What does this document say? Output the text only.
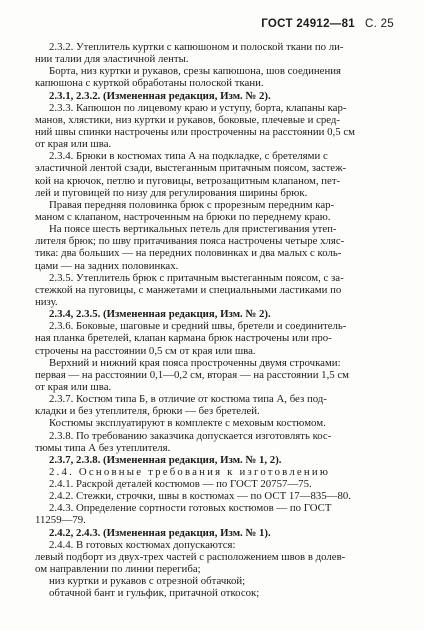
ГОСТ 24912—81 С. 25
2.3.2. Утеплитель куртки с капюшоном и полоской ткани по ли-
нии талии для эластичной ленты.
Борта, низ куртки и рукавов, срезы капюшона, шов соединения
капюшона с курткой обработаны полоской ткани.
2.3.1, 2.3.2. (Измененная редакция, Изм. № 2).
2.3.3. Капюшон по лицевому краю и уступу, борта, клапаны кар-
манов, хлястики, низ куртки и рукавов, боковые, плечевые и сред-
ний швы спинки настрочены или простроченны на расстоянии 0,5 см
от края или шва.
2.3.4. Брюки в костюмах типа А на подкладке, с бретелями с
эластичной лентой сзади, выстеганным притачным поясом, застеж-
кой на крючок, петлю и пуговицы, ветрозащитным клапаном, пет-
лей и пуговицей по низу для регулирования ширины брюк.
Правая передняя половинка брюк с прорезным передним кар-
маном с клапаном, настроченным на брюки по переднему краю.
На поясе шесть вертикальных петель для пристегивания утеп-
лителя брюк; по шву притачивания пояса настрочены четыре хляс-
тика: два больших — на передних половинках и два малых с коль-
цами — на задних половинках.
2.3.5. Утеплитель брюк с притачным выстеганным поясом, с за-
стежкой на пуговицы, с манжетами и специальными ластиками по
низу.
2.3.4, 2.3.5. (Измененная редакция, Изм. № 2).
2.3.6. Боковые, шаговые и средний швы, бретели и соединитель-
ная планка бретелей, клапан кармана брюк настрочены или про-
строчены на расстоянии 0,5 см от края или шва.
Верхний и нижний края пояса простроченны двумя строчками:
первая — на расстоянии 0,1—0,2 см, вторая — на расстоянии 1,5 см
от края или шва.
2.3.7. Костюм типа Б, в отличие от костюма типа А, без под-
кладки и без утеплителя, брюки — без бретелей.
Костюмы эксплуатируют в комплекте с меховым костюмом.
2.3.8. По требованию заказчика допускается изготовлять кос-
тюмы типа А без утеплителя.
2.3.7, 2.3.8. (Измененная редакция, Изм. № 1, 2).
2.4. Основные требования к изготовлению
2.4.1. Раскрой деталей костюмов — по ГОСТ 20757—75.
2.4.2. Стежки, строчки, швы в костюмах — по ОСТ 17—835—80.
2.4.3. Определение сортности готовых костюмов — по ГОСТ
11259—79.
2.4.2, 2.4.3. (Измененная редакция, Изм. № 1).
2.4.4. В готовых костюмах допускаются:
левый подборт из двух-трех частей с расположением швов в долев-
ом направлении по линии перегиба;
низ куртки и рукавов с отрезной обтачкой;
обтачной бант и гульфик, притачной откосок;
